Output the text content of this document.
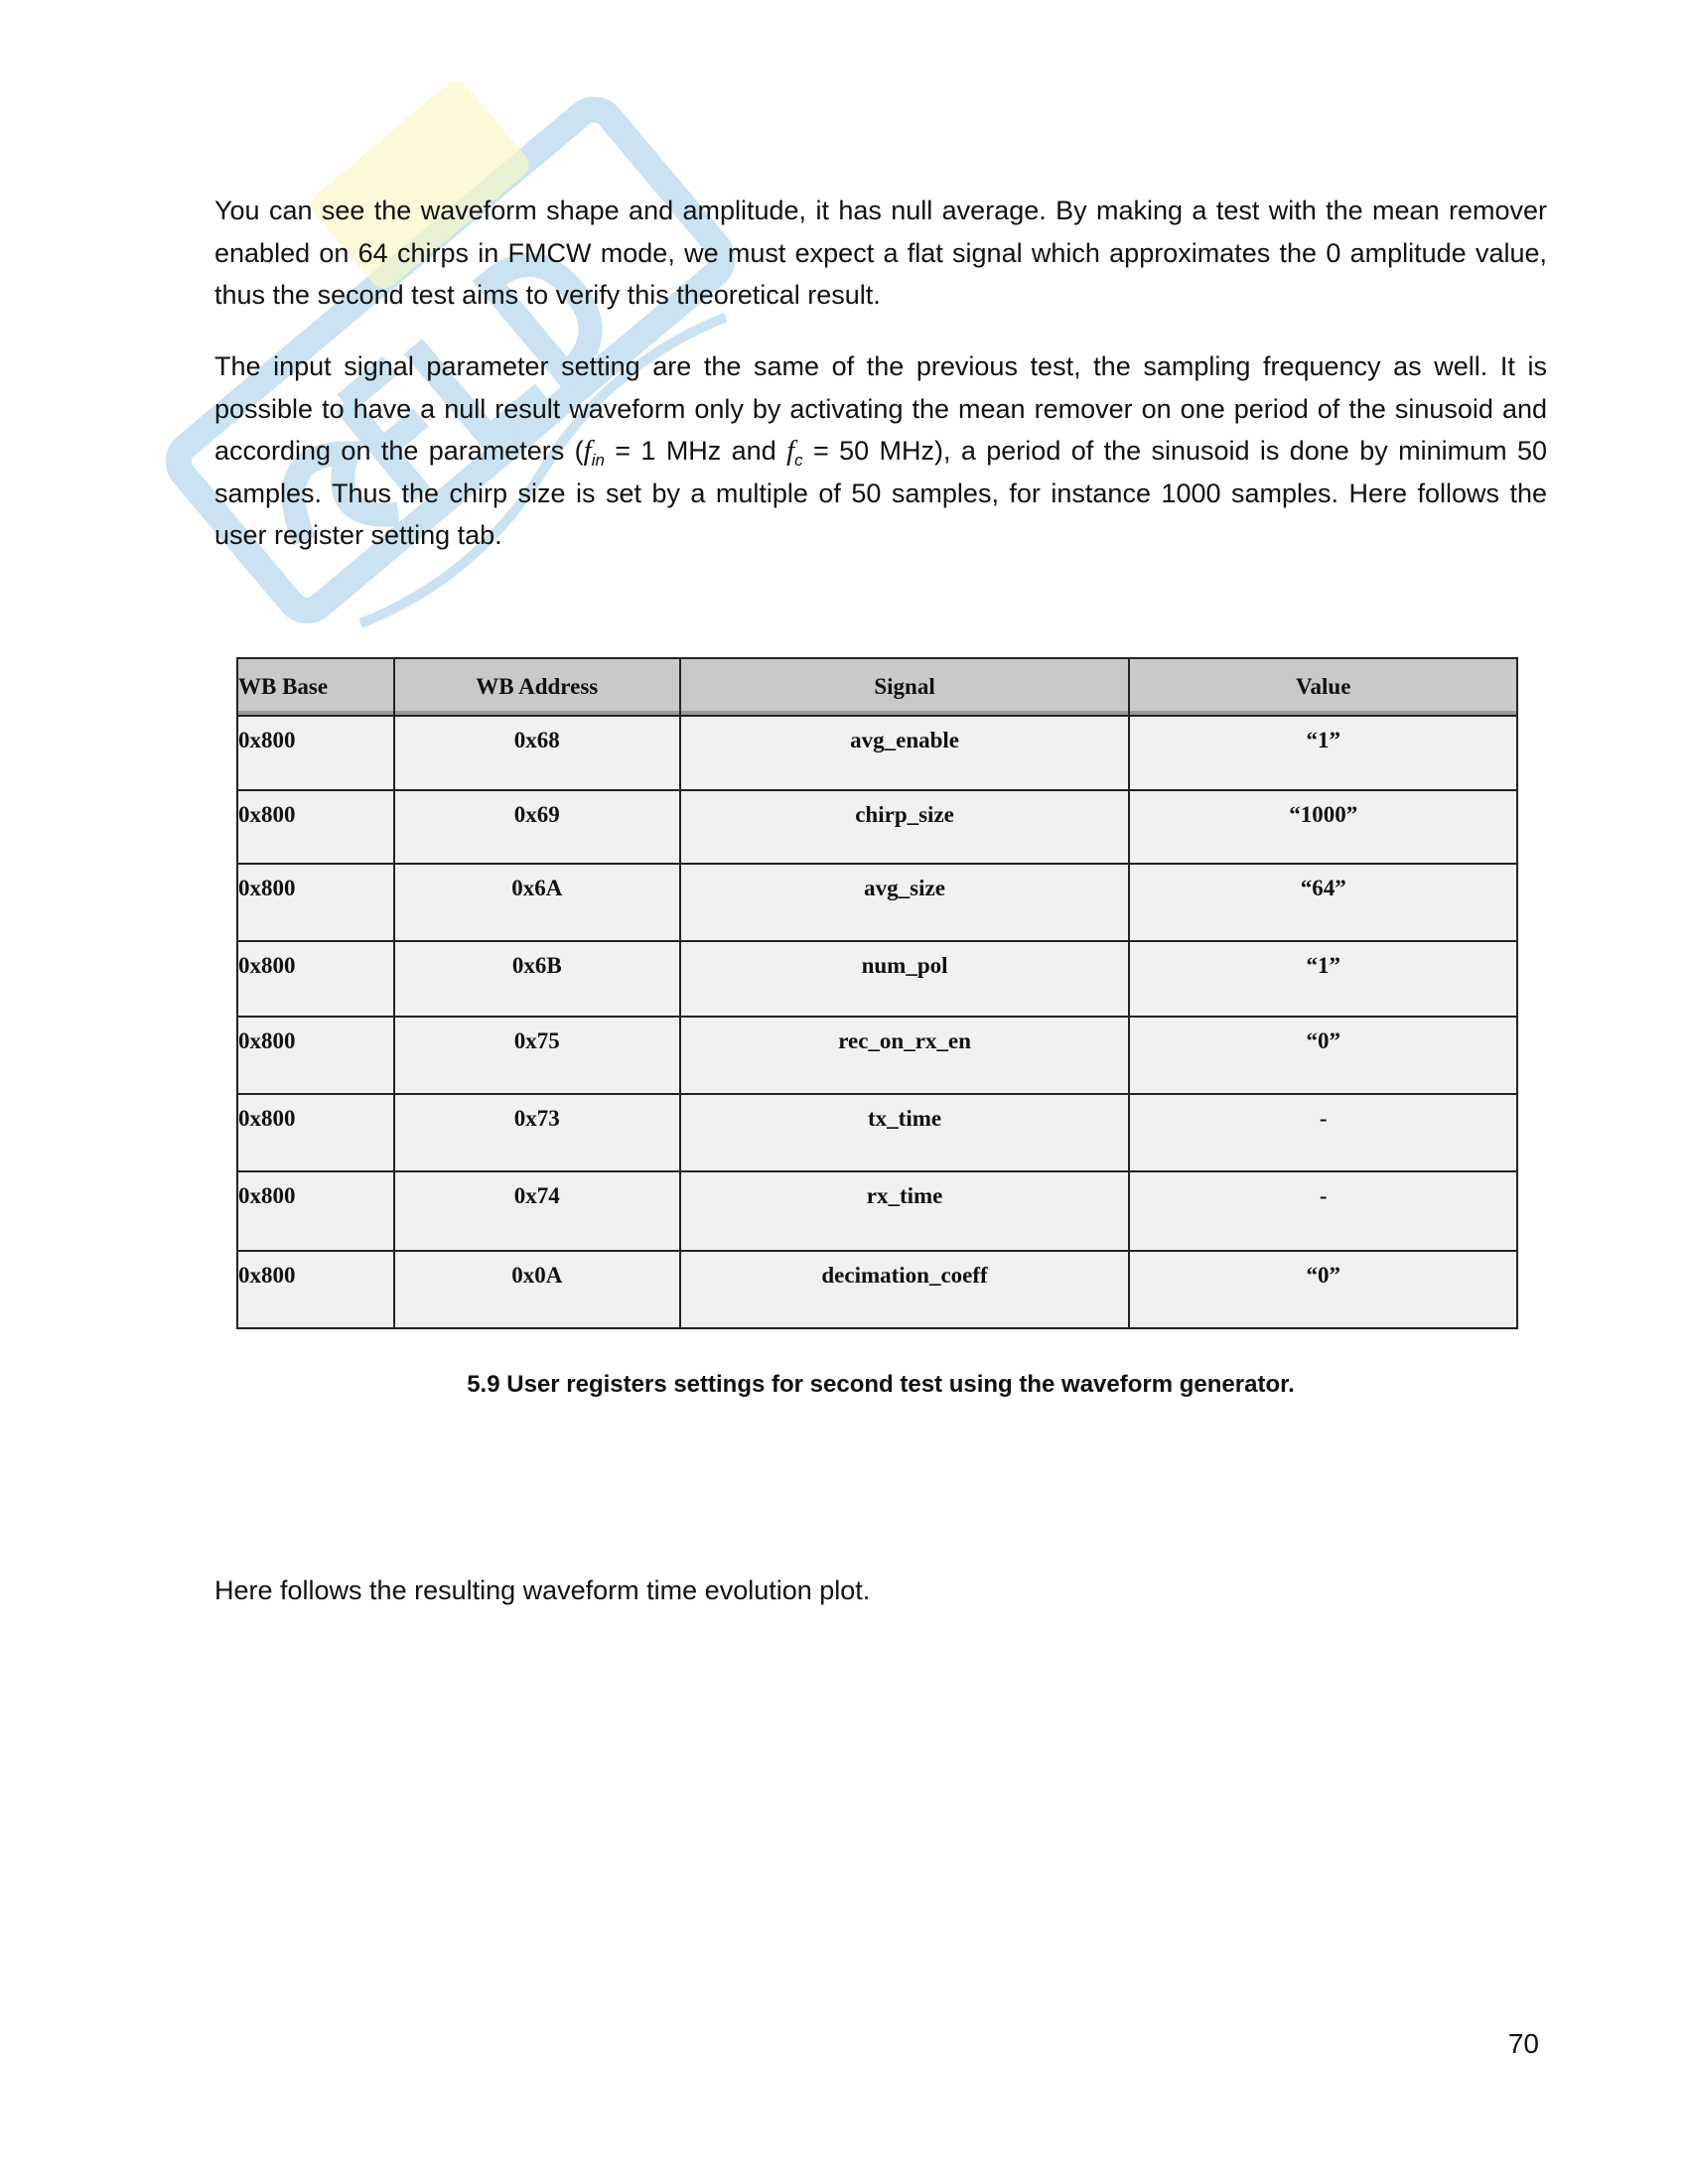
You can see the waveform shape and amplitude, it has null average. By making a test with the mean remover enabled on 64 chirps in FMCW mode, we must expect a flat signal which approximates the 0 amplitude value, thus the second test aims to verify this theoretical result.

The input signal parameter setting are the same of the previous test, the sampling frequency as well. It is possible to have a null result waveform only by activating the mean remover on one period of the sinusoid and according on the parameters ($f_{in} = 1$ MHz and $f_c = 50$ MHz), a period of the sinusoid is done by minimum 50 samples. Thus the chirp size is set by a multiple of 50 samples, for instance 1000 samples. Here follows the user register setting tab.

WB Base	WB Address	Signal	Value
0x800	0x68	avg_enable	“1”
0x800	0x69	chirp_size	“1000”
0x800	0x6A	avg_size	“64”
0x800	0x6B	num_pol	“1”
0x800	0x75	rec_on_rx_en	“0”
0x800	0x73	tx_time	-
0x800	0x74	rx_time	-
0x800	0x0A	decimation_coeff	“0”
5.9 User registers settings for second test using the waveform generator.

Here follows the resulting waveform time evolution plot.

70
